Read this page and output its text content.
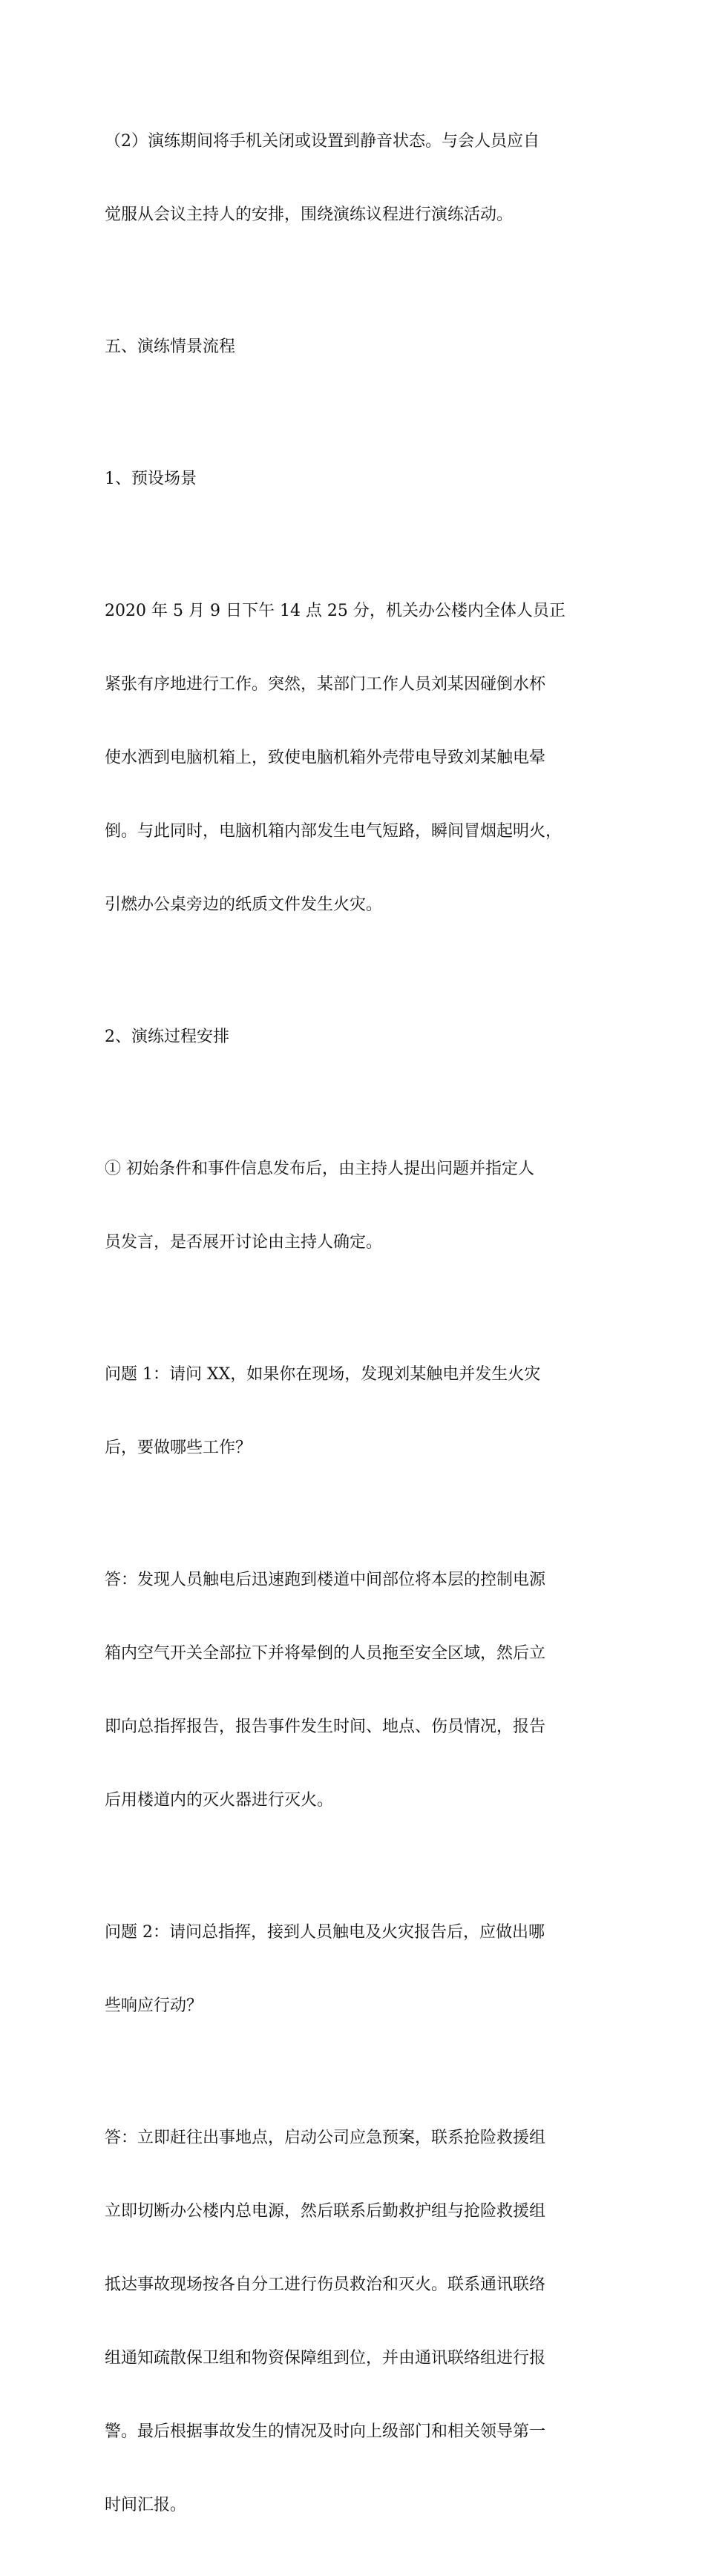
（2）演练期间将手机关闭或设置到静音状态。与会人员应自

觉服从会议主持人的安排，围绕演练议程进行演练活动。

五、演练情景流程

1、预设场景

2020 年 5 月 9 日下午 14 点 25 分，机关办公楼内全体人员正

紧张有序地进行工作。突然，某部门工作人员刘某因碰倒水杯

使水洒到电脑机箱上，致使电脑机箱外壳带电导致刘某触电晕

倒。与此同时，电脑机箱内部发生电气短路，瞬间冒烟起明火，

引燃办公桌旁边的纸质文件发生火灾。

2、演练过程安排

① 初始条件和事件信息发布后，由主持人提出问题并指定人

员发言，是否展开讨论由主持人确定。

问题 1：请问 XX，如果你在现场，发现刘某触电并发生火灾

后，要做哪些工作？

答：发现人员触电后迅速跑到楼道中间部位将本层的控制电源

箱内空气开关全部拉下并将晕倒的人员拖至安全区域，然后立

即向总指挥报告，报告事件发生时间、地点、伤员情况，报告

后用楼道内的灭火器进行灭火。

问题 2：请问总指挥，接到人员触电及火灾报告后，应做出哪

些响应行动？

答：立即赶往出事地点，启动公司应急预案，联系抢险救援组

立即切断办公楼内总电源，然后联系后勤救护组与抢险救援组

抵达事故现场按各自分工进行伤员救治和灭火。联系通讯联络

组通知疏散保卫组和物资保障组到位，并由通讯联络组进行报

警。最后根据事故发生的情况及时向上级部门和相关领导第一

时间汇报。
